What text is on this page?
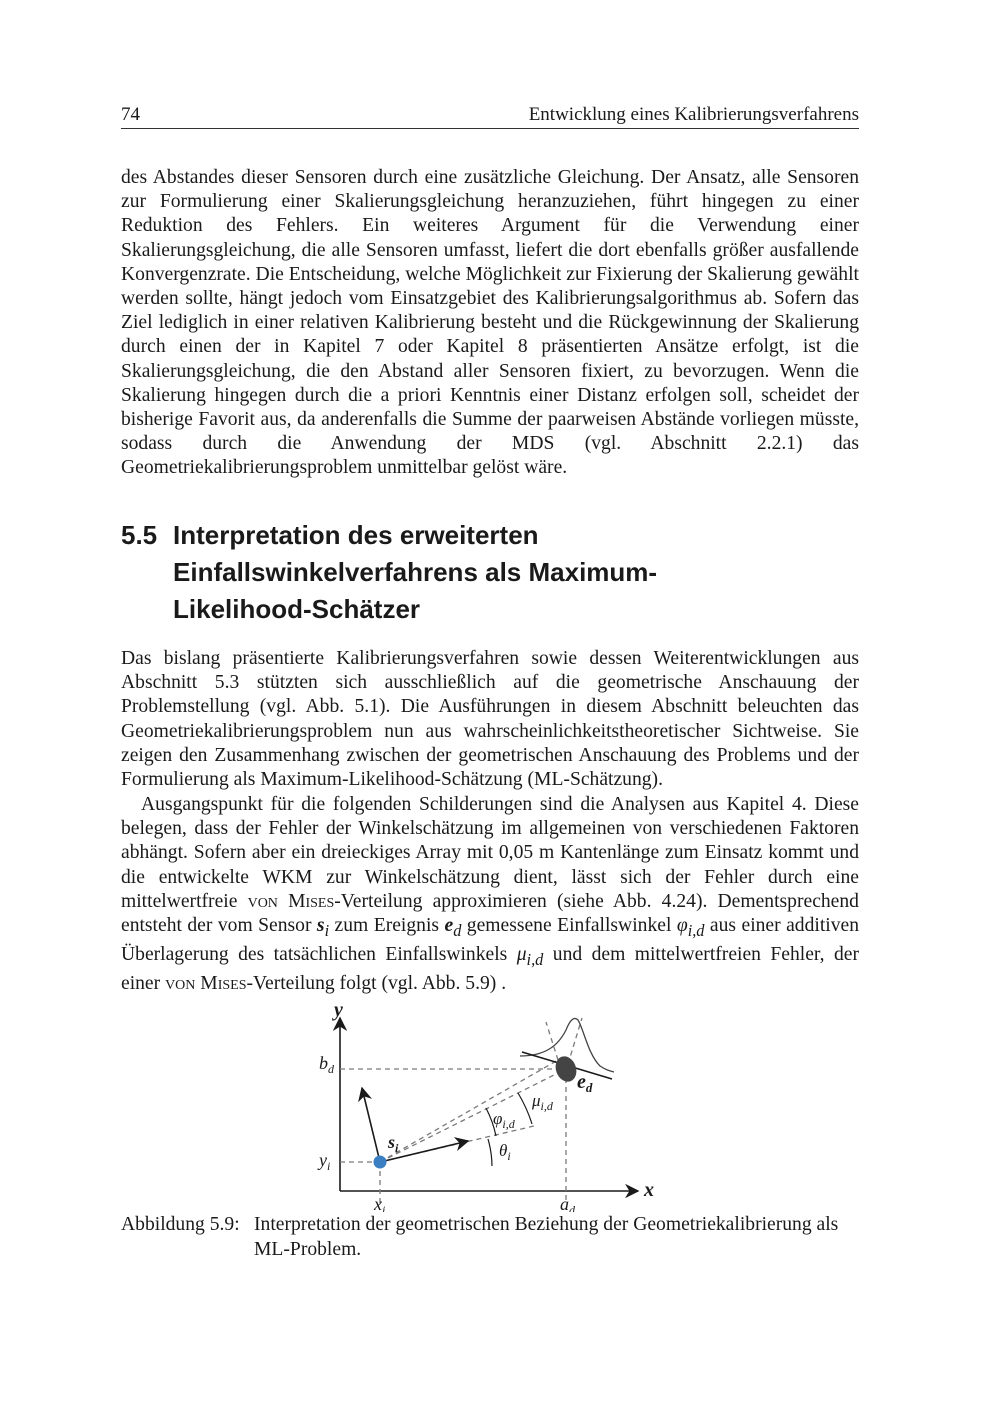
74	Entwicklung eines Kalibrierungsverfahrens

des Abstandes dieser Sensoren durch eine zusätzliche Gleichung. Der Ansatz, alle Sensoren zur Formulierung einer Skalierungsgleichung heranzuziehen, führt hingegen zu einer Reduktion des Fehlers. Ein weiteres Argument für die Verwendung einer Skalierungsgleichung, die alle Sensoren umfasst, liefert die dort ebenfalls größer ausfallende Konvergenzrate. Die Entscheidung, welche Möglichkeit zur Fixierung der Skalierung gewählt werden sollte, hängt jedoch vom Einsatzgebiet des Kalibrierungsalgorithmus ab. Sofern das Ziel lediglich in einer relativen Kalibrierung besteht und die Rückgewinnung der Skalierung durch einen der in Kapitel 7 oder Kapitel 8 präsentierten Ansätze erfolgt, ist die Skalierungsgleichung, die den Abstand aller Sensoren fixiert, zu bevorzugen. Wenn die Skalierung hingegen durch die a priori Kenntnis einer Distanz erfolgen soll, scheidet der bisherige Favorit aus, da anderenfalls die Summe der paarweisen Abstände vorliegen müsste, sodass durch die Anwendung der MDS (vgl. Abschnitt 2.2.1) das Geometriekalibrierungsproblem unmittelbar gelöst wäre.

5.5 Interpretation des erweiterten Einfallswinkelverfahrens als Maximum-Likelihood-Schätzer

Das bislang präsentierte Kalibrierungsverfahren sowie dessen Weiterentwicklungen aus Abschnitt 5.3 stützten sich ausschließlich auf die geometrische Anschauung der Problemstellung (vgl. Abb. 5.1). Die Ausführungen in diesem Abschnitt beleuchten das Geometriekalibrierungsproblem nun aus wahrscheinlichkeitstheoretischer Sichtweise. Sie zeigen den Zusammenhang zwischen der geometrischen Anschauung des Problems und der Formulierung als Maximum-Likelihood-Schätzung (ML-Schätzung).

Ausgangspunkt für die folgenden Schilderungen sind die Analysen aus Kapitel 4. Diese belegen, dass der Fehler der Winkelschätzung im allgemeinen von verschiedenen Faktoren abhängt. Sofern aber ein dreieckiges Array mit 0,05 m Kantenlänge zum Einsatz kommt und die entwickelte WKM zur Winkelschätzung dient, lässt sich der Fehler durch eine mittelwertfreie von Mises-Verteilung approximieren (siehe Abb. 4.24). Dementsprechend entsteht der vom Sensor $s_i$ zum Ereignis $e_d$ gemessene Einfallswinkel $\varphi_{i,d}$ aus einer additiven Überlagerung des tatsächlichen Einfallswinkels $\mu_{i,d}$ und dem mittelwertfreien Fehler, der einer von Mises-Verteilung folgt (vgl. Abb. 5.9) .

y
x
$b_d$
$y_i$
$x_i$	$a_d$
$s_i$
$e_d$
$\mu_{i,d}$
$\varphi_{i,d}$
$\theta_i$
Abbildung 5.9: Interpretation der geometrischen Beziehung der Geometriekalibrierung als ML-Problem.
